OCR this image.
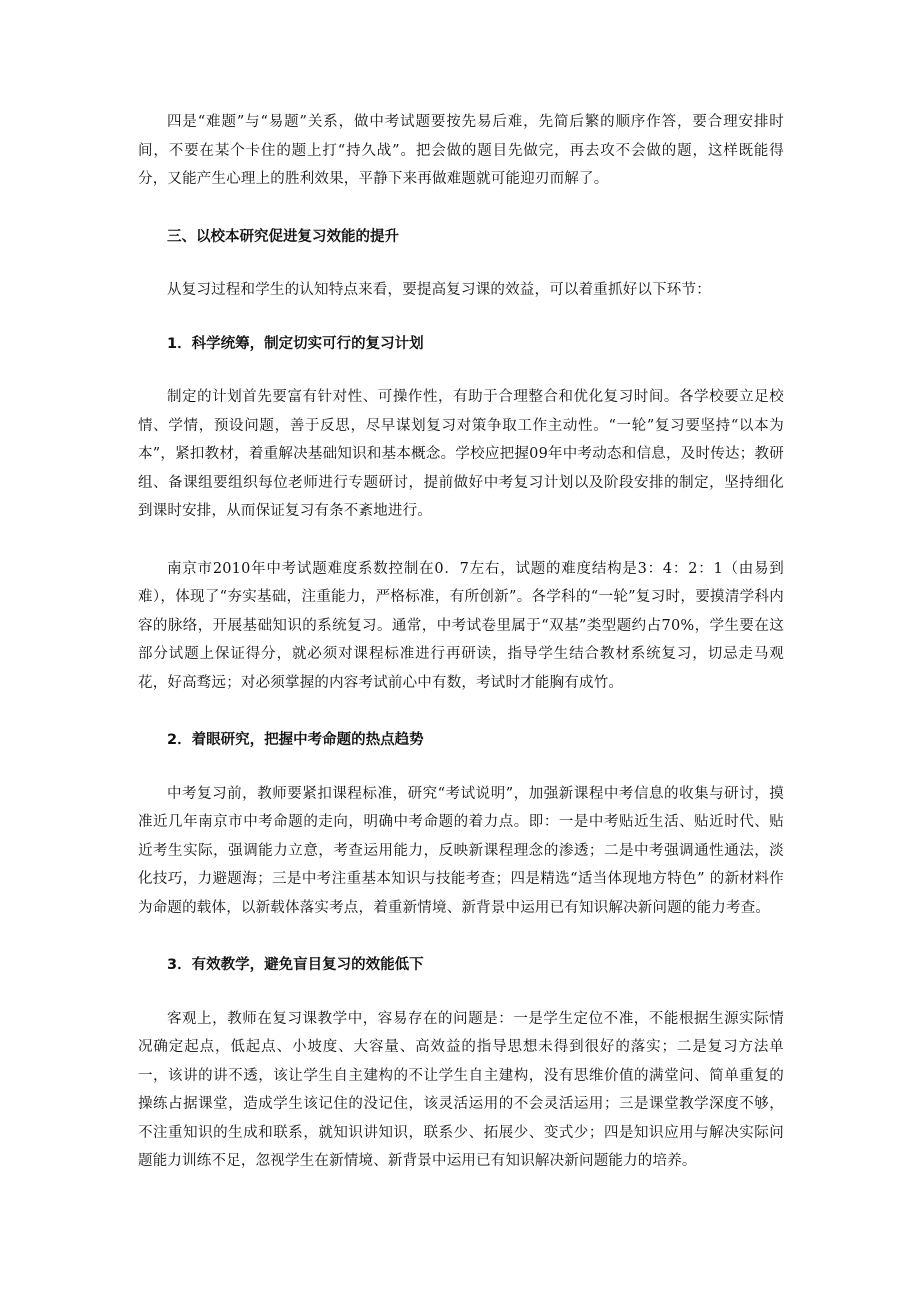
四是“难题”与“易题”关系，做中考试题要按先易后难，先简后繁的顺序作答，要合理安排时间，不要在某个卡住的题上打“持久战”。把会做的题目先做完，再去攻不会做的题，这样既能得分，又能产生心理上的胜利效果，平静下来再做难题就可能迎刃而解了。

三、以校本研究促进复习效能的提升

从复习过程和学生的认知特点来看，要提高复习课的效益，可以着重抓好以下环节：

1．科学统筹，制定切实可行的复习计划

制定的计划首先要富有针对性、可操作性，有助于合理整合和优化复习时间。各学校要立足校情、学情，预设问题，善于反思，尽早谋划复习对策争取工作主动性。“一轮”复习要坚持“以本为本”，紧扣教材，着重解决基础知识和基本概念。学校应把握09年中考动态和信息，及时传达；教研组、备课组要组织每位老师进行专题研讨，提前做好中考复习计划以及阶段安排的制定，坚持细化到课时安排，从而保证复习有条不紊地进行。

南京市2010年中考试题难度系数控制在0．7左右，试题的难度结构是3：4：2：1（由易到难），体现了“夯实基础，注重能力，严格标准，有所创新”。各学科的“一轮”复习时，要摸清学科内容的脉络，开展基础知识的系统复习。通常，中考试卷里属于“双基”类型题约占70%，学生要在这部分试题上保证得分，就必须对课程标准进行再研读，指导学生结合教材系统复习，切忌走马观花，好高骛远；对必须掌握的内容考试前心中有数，考试时才能胸有成竹。

2．着眼研究，把握中考命题的热点趋势

中考复习前，教师要紧扣课程标准，研究“考试说明”，加强新课程中考信息的收集与研讨，摸准近几年南京市中考命题的走向，明确中考命题的着力点。即：一是中考贴近生活、贴近时代、贴近考生实际，强调能力立意，考查运用能力，反映新课程理念的渗透；二是中考强调通性通法，淡化技巧，力避题海；三是中考注重基本知识与技能考查；四是精选“适当体现地方特色” 的新材料作为命题的载体，以新载体落实考点，着重新情境、新背景中运用已有知识解决新问题的能力考查。

3．有效教学，避免盲目复习的效能低下

客观上，教师在复习课教学中，容易存在的问题是：一是学生定位不准，不能根据生源实际情况确定起点，低起点、小坡度、大容量、高效益的指导思想未得到很好的落实；二是复习方法单一，该讲的讲不透，该让学生自主建构的不让学生自主建构，没有思维价值的满堂问、简单重复的操练占据课堂，造成学生该记住的没记住，该灵活运用的不会灵活运用；三是课堂教学深度不够，不注重知识的生成和联系，就知识讲知识，联系少、拓展少、变式少；四是知识应用与解决实际问题能力训练不足，忽视学生在新情境、新背景中运用已有知识解决新问题能力的培养。
